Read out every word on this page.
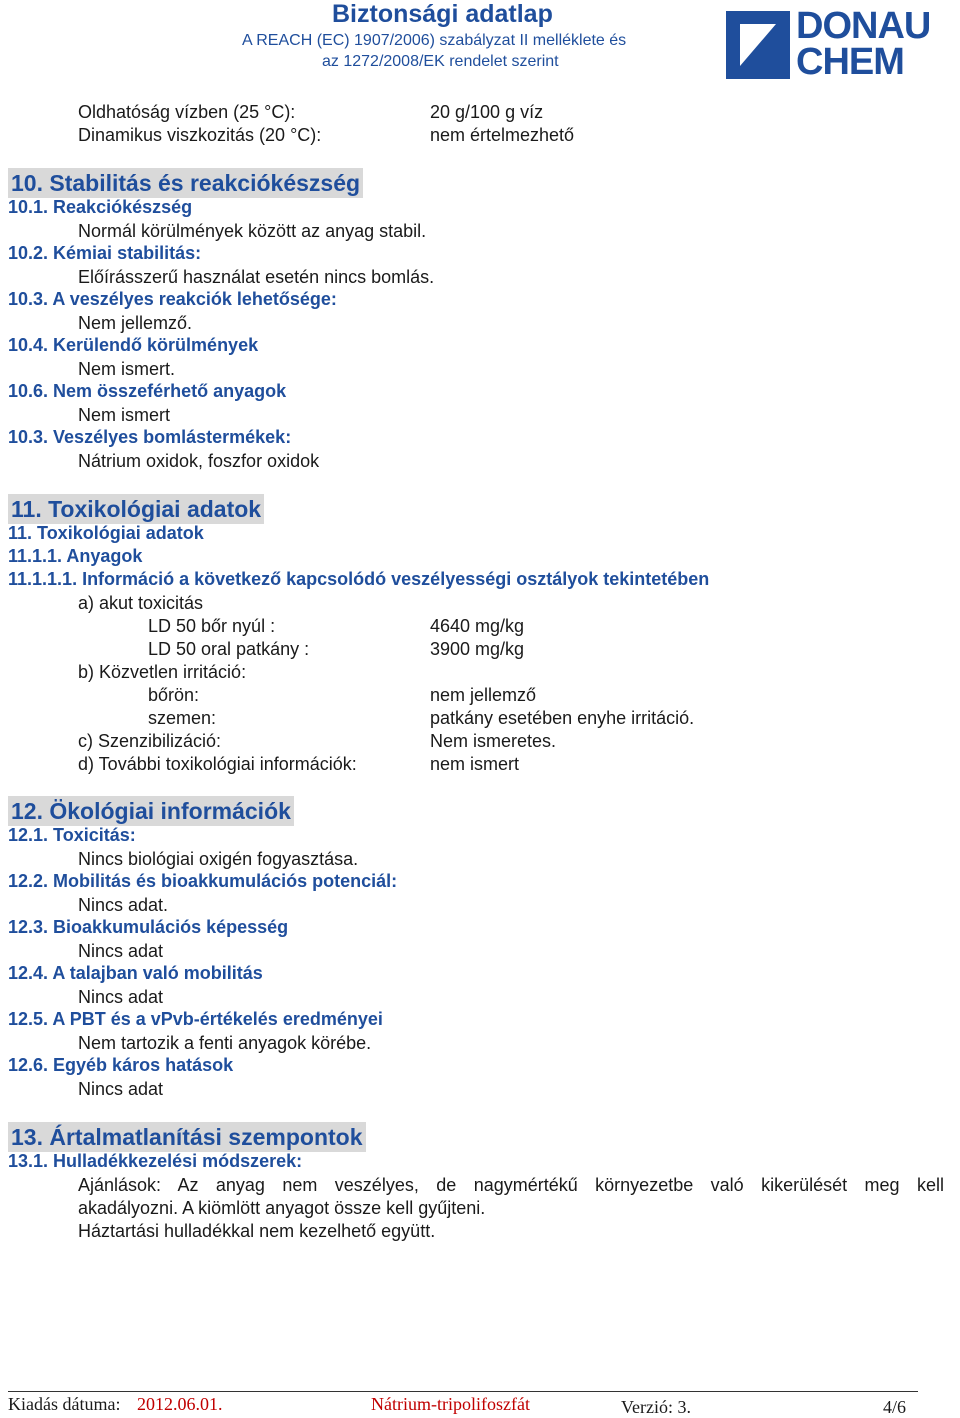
Biztonsági adatlap
A REACH (EC) 1907/2006) szabályzat II melléklete és
az 1272/2008/EK rendelet szerint
DONAU
CHEM
Oldhatóság vízben (25 °C):	20 g/100 g víz
Dinamikus viszkozitás (20 °C):	nem értelmezhető
10. Stabilitás és reakciókészség
10.1. Reakciókészség
Normál körülmények között az anyag stabil.
10.2. Kémiai stabilitás:
Előírásszerű használat esetén nincs bomlás.
10.3. A veszélyes reakciók lehetősége:
Nem jellemző.
10.4. Kerülendő körülmények
Nem ismert.
10.6. Nem összeférhető anyagok
Nem ismert
10.3. Veszélyes bomlástermékek:
Nátrium oxidok, foszfor oxidok
11. Toxikológiai adatok
11. Toxikológiai adatok
11.1.1. Anyagok
11.1.1.1. Információ a következő kapcsolódó veszélyességi osztályok tekintetében
a) akut toxicitás
LD 50 bőr nyúl :	4640 mg/kg
LD 50 oral patkány :	3900 mg/kg
b) Közvetlen irritáció:
bőrön:	nem jellemző
szemen:	patkány esetében enyhe irritáció.
c) Szenzibilizáció:	Nem ismeretes.
d) További toxikológiai információk:	nem ismert
12. Ökológiai információk
12.1. Toxicitás:
Nincs biológiai oxigén fogyasztása.
12.2. Mobilitás és bioakkumulációs potenciál:
Nincs adat.
12.3. Bioakkumulációs képesség
Nincs adat
12.4. A talajban való mobilitás
Nincs adat
12.5. A PBT és a vPvb-értékelés eredményei
Nem tartozik a fenti anyagok körébe.
12.6. Egyéb káros hatások
Nincs adat
13. Ártalmatlanítási szempontok
13.1. Hulladékkezelési módszerek:
Ajánlások: Az anyag nem veszélyes, de nagymértékű környezetbe való kikerülését meg kell
akadályozni. A kiömlött anyagot össze kell gyűjteni.
Háztartási hulladékkal nem kezelhető együtt.
Kiadás dátuma: 2012.06.01.	Nátrium-tripolifoszfát	Verzió: 3.	4/6
